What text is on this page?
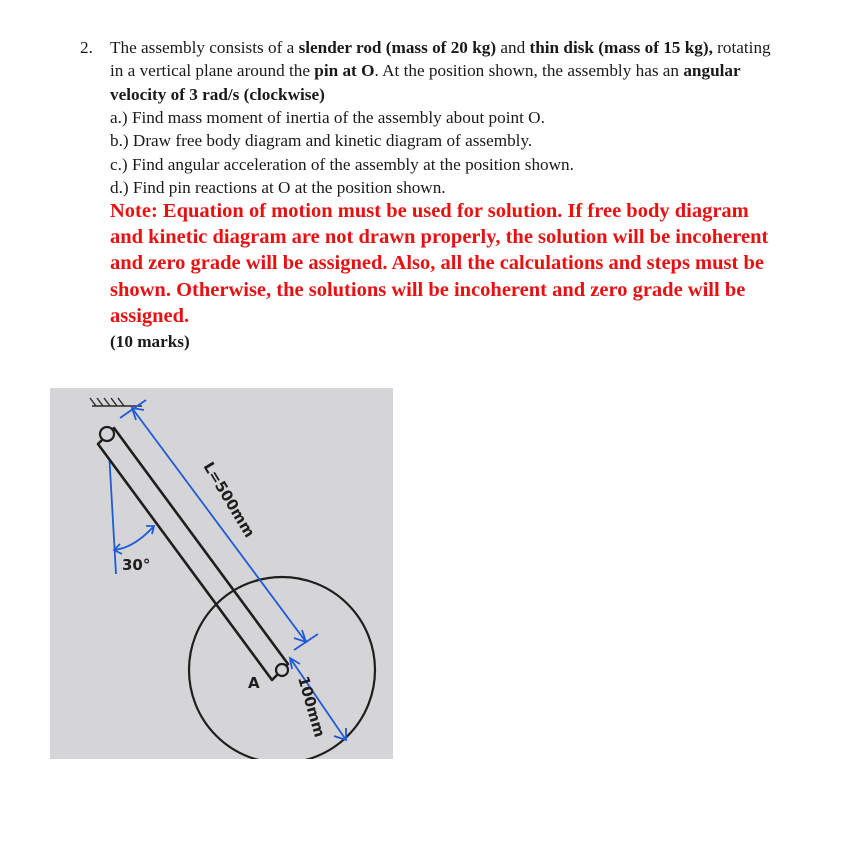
2. The assembly consists of a slender rod (mass of 20 kg) and thin disk (mass of 15 kg), rotating in a vertical plane around the pin at O. At the position shown, the assembly has an angular velocity of 3 rad/s (clockwise)
a.) Find mass moment of inertia of the assembly about point O.
b.) Draw free body diagram and kinetic diagram of assembly.
c.) Find angular acceleration of the assembly at the position shown.
d.) Find pin reactions at O at the position shown.
Note: Equation of motion must be used for solution. If free body diagram and kinetic diagram are not drawn properly, the solution will be incoherent and zero grade will be assigned. Also, all the calculations and steps must be shown. Otherwise, the solutions will be incoherent and zero grade will be assigned.
(10 marks)
30°
L=500mm
100mm
A
